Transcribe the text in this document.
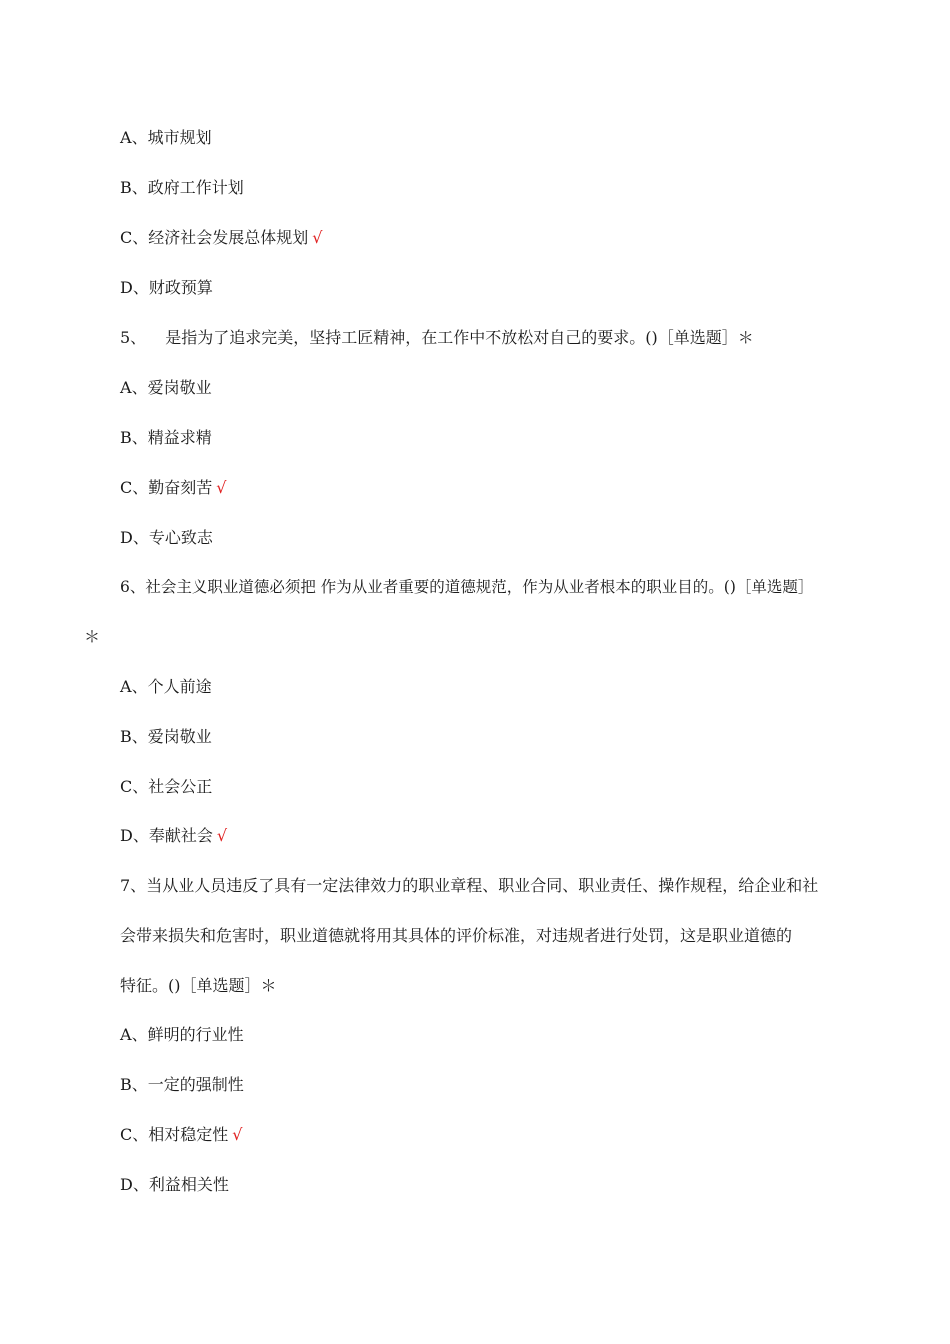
A、城市规划
B、政府工作计划
C、经济社会发展总体规划 √
D、财政预算
5、 是指为了追求完美，坚持工匠精神，在工作中不放松对自己的要求。()［单选题］＊
A、爱岗敬业
B、精益求精
C、勤奋刻苦 √
D、专心致志
6、社会主义职业道德必须把 作为从业者重要的道德规范，作为从业者根本的职业目的。()［单选题］
＊
A、个人前途
B、爱岗敬业
C、社会公正
D、奉献社会 √
7、当从业人员违反了具有一定法律效力的职业章程、职业合同、职业责任、操作规程，给企业和社
会带来损失和危害时，职业道德就将用其具体的评价标准，对违规者进行处罚，这是职业道德的
特征。()［单选题］＊
A、鲜明的行业性
B、一定的强制性
C、相对稳定性 √
D、利益相关性
